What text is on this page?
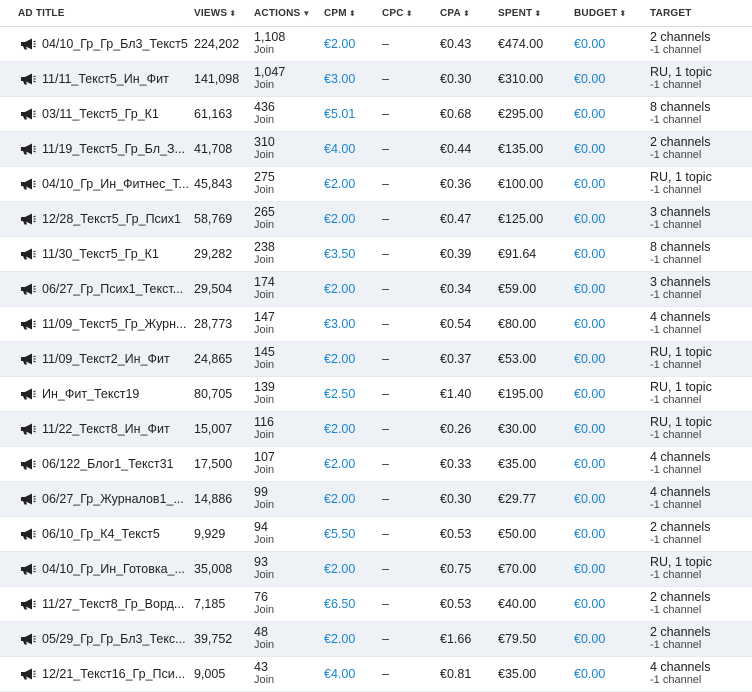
AD TITLE	VIEWS ⬍	ACTIONS ▼	CPM ⬍	CPC ⬍	CPA ⬍	SPENT ⬍	BUDGET ⬍	TARGET
04/10_Гр_Гр_Бл3_Текст5 224,202	1,108
Join	€2.00	–	€0.43	€474.00	€0.00	2 channels
-1 channel
11/11_Текст5_Ин_Фит	141,098	1,047
Join	€3.00	–	€0.30	€310.00	€0.00	RU, 1 topic
-1 channel
03/11_Текст5_Гр_К1	61,163	436
Join	€5.01	–	€0.68	€295.00	€0.00	8 channels
-1 channel
11/19_Текст5_Гр_Бл_З... 41,708	310
Join	€4.00	–	€0.44	€135.00	€0.00	2 channels
-1 channel
04/10_Гр_Ин_Фитнес_Т... 45,843	275
Join	€2.00	–	€0.36	€100.00	€0.00	RU, 1 topic
-1 channel
12/28_Текст5_Гр_Псих1	58,769	265
Join	€2.00	–	€0.47	€125.00	€0.00	3 channels
-1 channel
11/30_Текст5_Гр_К1	29,282	238
Join	€3.50	–	€0.39	€91.64	€0.00	8 channels
-1 channel
06/27_Гр_Псих1_Текст... 29,504	174
Join	€2.00	–	€0.34	€59.00	€0.00	3 channels
-1 channel
11/09_Текст5_Гр_Журн... 28,773	147
Join	€3.00	–	€0.54	€80.00	€0.00	4 channels
-1 channel
11/09_Текст2_Ин_Фит	24,865	145
Join	€2.00	–	€0.37	€53.00	€0.00	RU, 1 topic
-1 channel
Ин_Фит_Текст19	80,705	139
Join	€2.50	–	€1.40	€195.00	€0.00	RU, 1 topic
-1 channel
11/22_Текст8_Ин_Фит	15,007	116
Join	€2.00	–	€0.26	€30.00	€0.00	RU, 1 topic
-1 channel
06/122_Блог1_Текст31	17,500	107
Join	€2.00	–	€0.33	€35.00	€0.00	4 channels
-1 channel
06/27_Гр_Журналов1_... 14,886	99
Join	€2.00	–	€0.30	€29.77	€0.00	4 channels
-1 channel
06/10_Гр_К4_Текст5	9,929	94
Join	€5.50	–	€0.53	€50.00	€0.00	2 channels
-1 channel
04/10_Гр_Ин_Готовка_... 35,008	93
Join	€2.00	–	€0.75	€70.00	€0.00	RU, 1 topic
-1 channel
11/27_Текст8_Гр_Ворд... 7,185	76
Join	€6.50	–	€0.53	€40.00	€0.00	2 channels
-1 channel
05/29_Гр_Гр_Бл3_Текс... 39,752	48
Join	€2.00	–	€1.66	€79.50	€0.00	2 channels
-1 channel
12/21_Текст16_Гр_Пси... 9,005	43
Join	€4.00	–	€0.81	€35.00	€0.00	4 channels
-1 channel
